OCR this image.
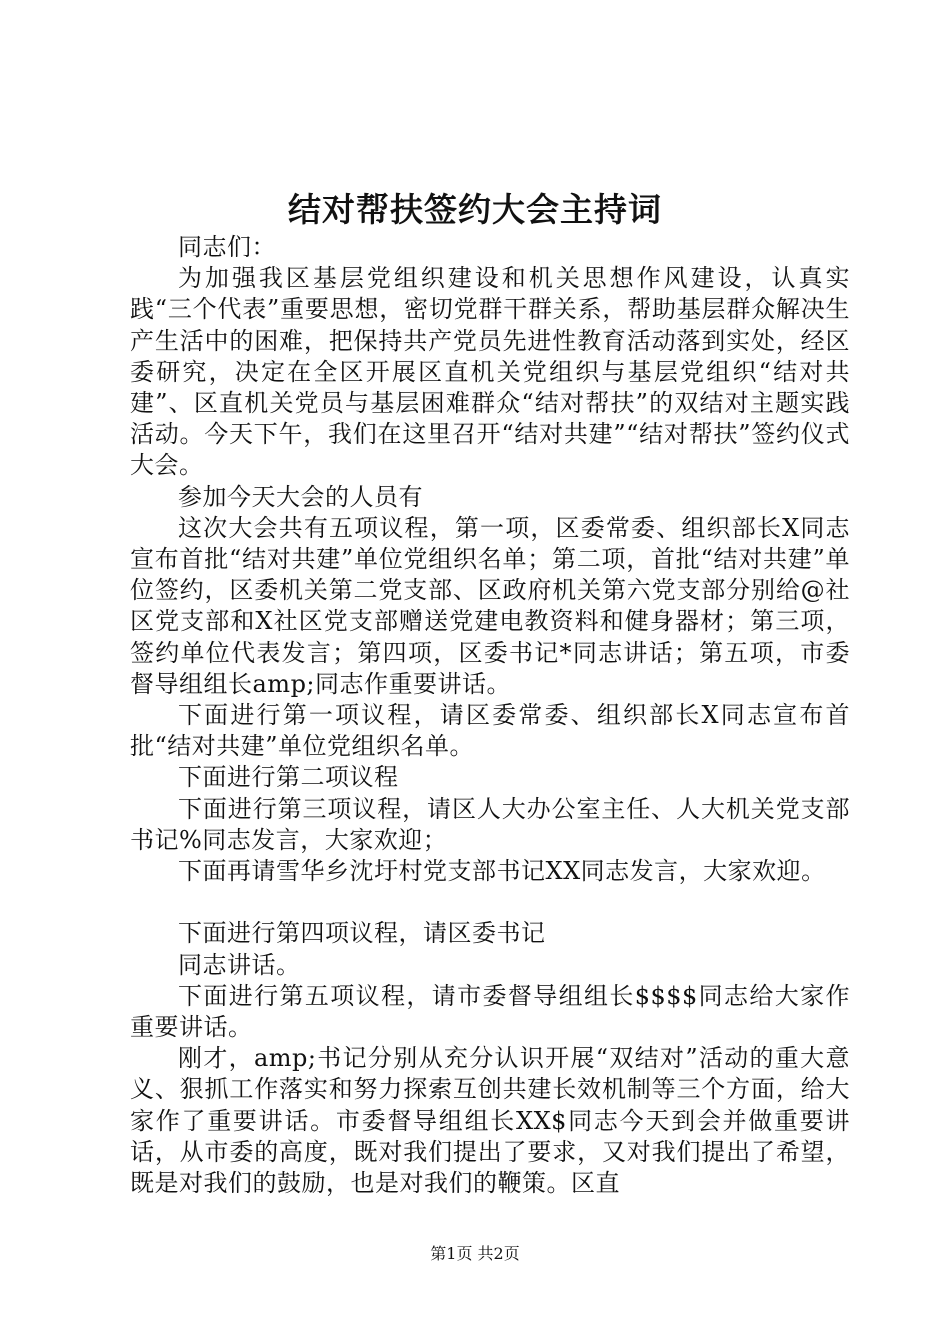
结对帮扶签约大会主持词

同志们：

为加强我区基层党组织建设和机关思想作风建设，认真实践“三个代表”重要思想，密切党群干群关系，帮助基层群众解决生产生活中的困难，把保持共产党员先进性教育活动落到实处，经区委研究，决定在全区开展区直机关党组织与基层党组织“结对共建”、区直机关党员与基层困难群众“结对帮扶”的双结对主题实践活动。今天下午，我们在这里召开“结对共建”“结对帮扶”签约仪式大会。

参加今天大会的人员有

这次大会共有五项议程，第一项，区委常委、组织部长X同志宣布首批“结对共建”单位党组织名单；第二项，首批“结对共建”单位签约，区委机关第二党支部、区政府机关第六党支部分别给@社区党支部和X社区党支部赠送党建电教资料和健身器材；第三项，签约单位代表发言；第四项，区委书记*同志讲话；第五项，市委督导组组长amp;同志作重要讲话。

下面进行第一项议程，请区委常委、组织部长X同志宣布首批“结对共建”单位党组织名单。

下面进行第二项议程

下面进行第三项议程，请区人大办公室主任、人大机关党支部书记%同志发言，大家欢迎；

下面再请雪华乡沈圩村党支部书记XX同志发言，大家欢迎。

下面进行第四项议程，请区委书记

同志讲话。

下面进行第五项议程，请市委督导组组长$$$$同志给大家作重要讲话。

刚才，amp;书记分别从充分认识开展“双结对”活动的重大意义、狠抓工作落实和努力探索互创共建长效机制等三个方面，给大家作了重要讲话。市委督导组组长XX$同志今天到会并做重要讲话，从市委的高度，既对我们提出了要求，又对我们提出了希望，既是对我们的鼓励，也是对我们的鞭策。区直

第1页 共2页
